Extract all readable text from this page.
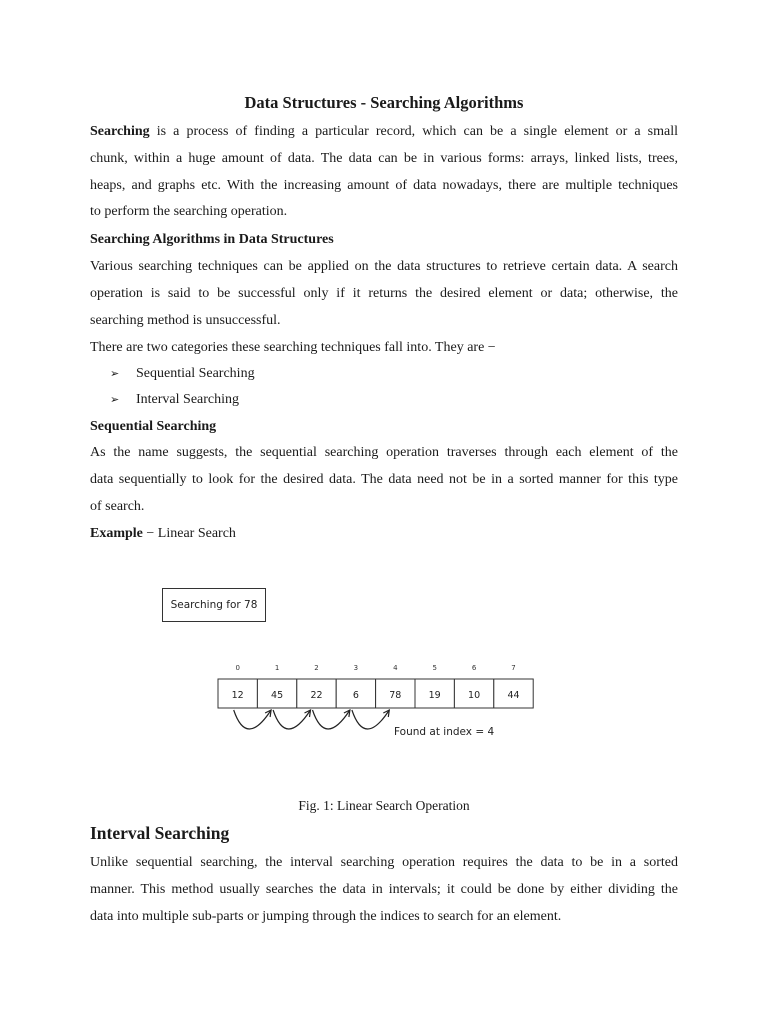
Data Structures - Searching Algorithms
Searching is a process of finding a particular record, which can be a single element or a small
chunk, within a huge amount of data. The data can be in various forms: arrays, linked lists, trees,
heaps, and graphs etc. With the increasing amount of data nowadays, there are multiple techniques
to perform the searching operation.
Searching Algorithms in Data Structures
Various searching techniques can be applied on the data structures to retrieve certain data. A search
operation is said to be successful only if it returns the desired element or data; otherwise, the
searching method is unsuccessful.
There are two categories these searching techniques fall into. They are −
➢ Sequential Searching
➢ Interval Searching
Sequential Searching
As the name suggests, the sequential searching operation traverses through each element of the
data sequentially to look for the desired data. The data need not be in a sorted manner for this type
of search.
Example − Linear Search
Searching for 78
12
0
45
1
22
2
6
3
78
4
19
5
10
6
44
7
Found at index = 4
Fig. 1: Linear Search Operation
Interval Searching
Unlike sequential searching, the interval searching operation requires the data to be in a sorted
manner. This method usually searches the data in intervals; it could be done by either dividing the
data into multiple sub-parts or jumping through the indices to search for an element.
